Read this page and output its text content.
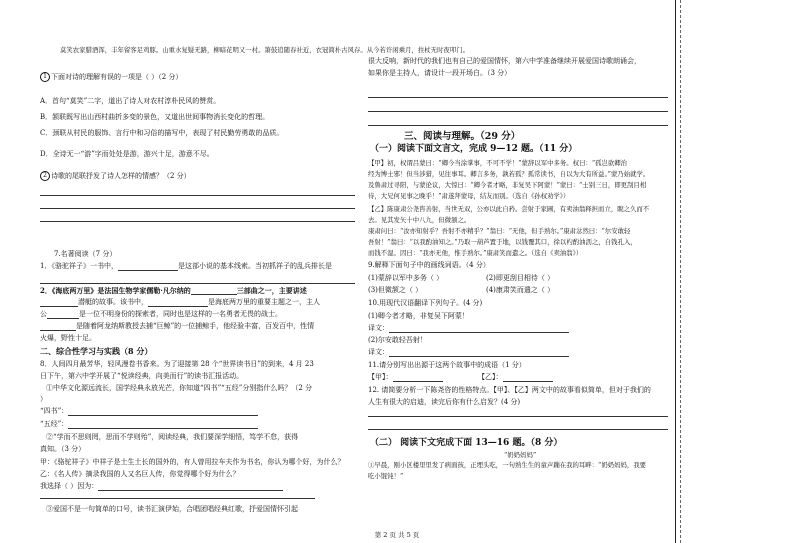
莫笑农家腊酒浑，丰年留客足鸡豚。山重水复疑无路，柳暗花明又一村。箫鼓追随春社近，衣冠简朴古风存。从今若许闲乘月，拄杖无时夜叩门。
1 下面对诗的理解有误的一项是（ ）（2 分）
A．首句“莫笑”二字，道出了诗人对农村淳朴民风的赞赏。
B．颔联既写出山西村曲折多变的景色，又道出世间事物消长变化的哲理。
C．颈联从村民的服饰、言行中和习俗的描写中，表现了村民勤劳勇敢的品质。
D．全诗无一“游”字而处处是游，游兴十足，游意不尽。
2 诗歌的尾联抒发了诗人怎样的情感？（2 分）
7.名著阅读（7 分）
1．《骆驼祥子》一书中，	是这部小说的基本线索。当初抓祥子的乱兵排长是
2．《海底两万里》是法国生物学家儒勒·凡尔纳的	三部曲之一，主要讲述
潜艇的故事。该书中，	是海底两万里的重要主题之一，主人
公	是一位不明身份的探索者，同时也是这样的一名勇者无畏的战士。
是随着阿龙纳斯教授去捕“巨鲸”的一位捕鲸手，他经验丰富，百发百中，性情
火爆，野性十足。
二、综合性学习与实践（8 分）
8．人间四月最芳华，轻风漫卷书香来。为了迎接第 28 个“世界读书日”的到来，4 月 23
日下午，第六中学开展了“悦读经典，向美而行”的读书汇报活动。
①中华文化源远流长，国学经典永放光芒，你知道“四书”“五经”分别指什么吗？（2 分
）
“四书”：
“五经”：
②“学而不思则罔，思而不学则殆”，阅读经典，我们要深学细悟，笃学不怠，获得
真知。（3 分）
甲：《骆驼祥子》中祥子是土生土长的国外的，有人曾用拉车夫作为书名，你认为哪个好，为什么？
乙：《名人传》摘录我国的人又名巨人传，你觉得哪个好为什么？
我选择（ ）因为：
③爱国不是一句简单的口号，读书汇演伊始，合唱团唱经典红歌，抒爱国情怀引起
很大反响，新时代的我们也有自己的爱国情怀，第六中学准备继续开展爱国诗歌朗诵会，
如果你是主持人，请设计一段开场白。（3 分）
三、阅读与理解。（29 分）
（一）阅读下面文言文，完成 9—12 题。（11 分）
【甲】初，权谓吕蒙曰：“卿今当涂掌事，不可不学！”蒙辞以军中多务。权曰：“孤岂欲卿治
经为博士邪！但当涉猎，见往事耳。卿言多务，孰若孤？孤常读书，自以为大有所益。”蒙乃始就学。
及鲁肃过寻阳，与蒙论议，大惊曰：“卿今者才略，非复吴下阿蒙！”蒙曰：“士别三日，即更刮目相
待，大兄何见事之晚乎！”肃遂拜蒙母，结友而别。（选自《孙权劝学》）
【乙】陈康肃公尧咨善射，当世无双，公亦以此自矜。尝射于家圃，有卖油翁释担而立，睨之久而不
去。见其发矢十中八九，但微颔之。
康肃问曰：“汝亦知射乎？吾射不亦精乎？”翁曰：“无他，但手熟尔。”康肃忿然曰：“尔安敢轻
吾射！”翁曰：“以我酌油知之。”乃取一葫芦置于地，以钱覆其口，徐以杓酌油沥之，自钱孔入，
而钱不湿。因曰：“我亦无他，惟手熟尔。”康肃笑而遣之。（选自《卖油翁》）
9.解释下面句子中的画线词语。（4 分）
(1)蒙辞以军中多务（ ）	(2)即更刮目相待（ ）
(3)但微颔之（ ）	(4)康肃笑而遣之（ ）
10.用现代汉语翻译下列句子。(4 分)
(1)卿今者才略，非复吴下阿蒙！
译文：
(2)尔安敢轻吾射！
译文：
11.请分别写出出源于这两个故事中的成语（1 分）
【甲】：	【乙】：
12. 请简要分析一下陈尧咨的性格特点。【甲】、【乙】两文中的故事看似简单，但对于我们的
人生有很大的启迪，读完后你有什么启发？(4 分)
（二） 阅读下文完成下面 13—16 题。（8 分）
“奶奶妈妈”
①早晨，刚小区楼里里发了病面孩，正埋头吃，一句熟生生的童声蹦在我的耳畔：“奶奶妈妈，我要
吃小馄饨！”
第 2 页 共 5 页
